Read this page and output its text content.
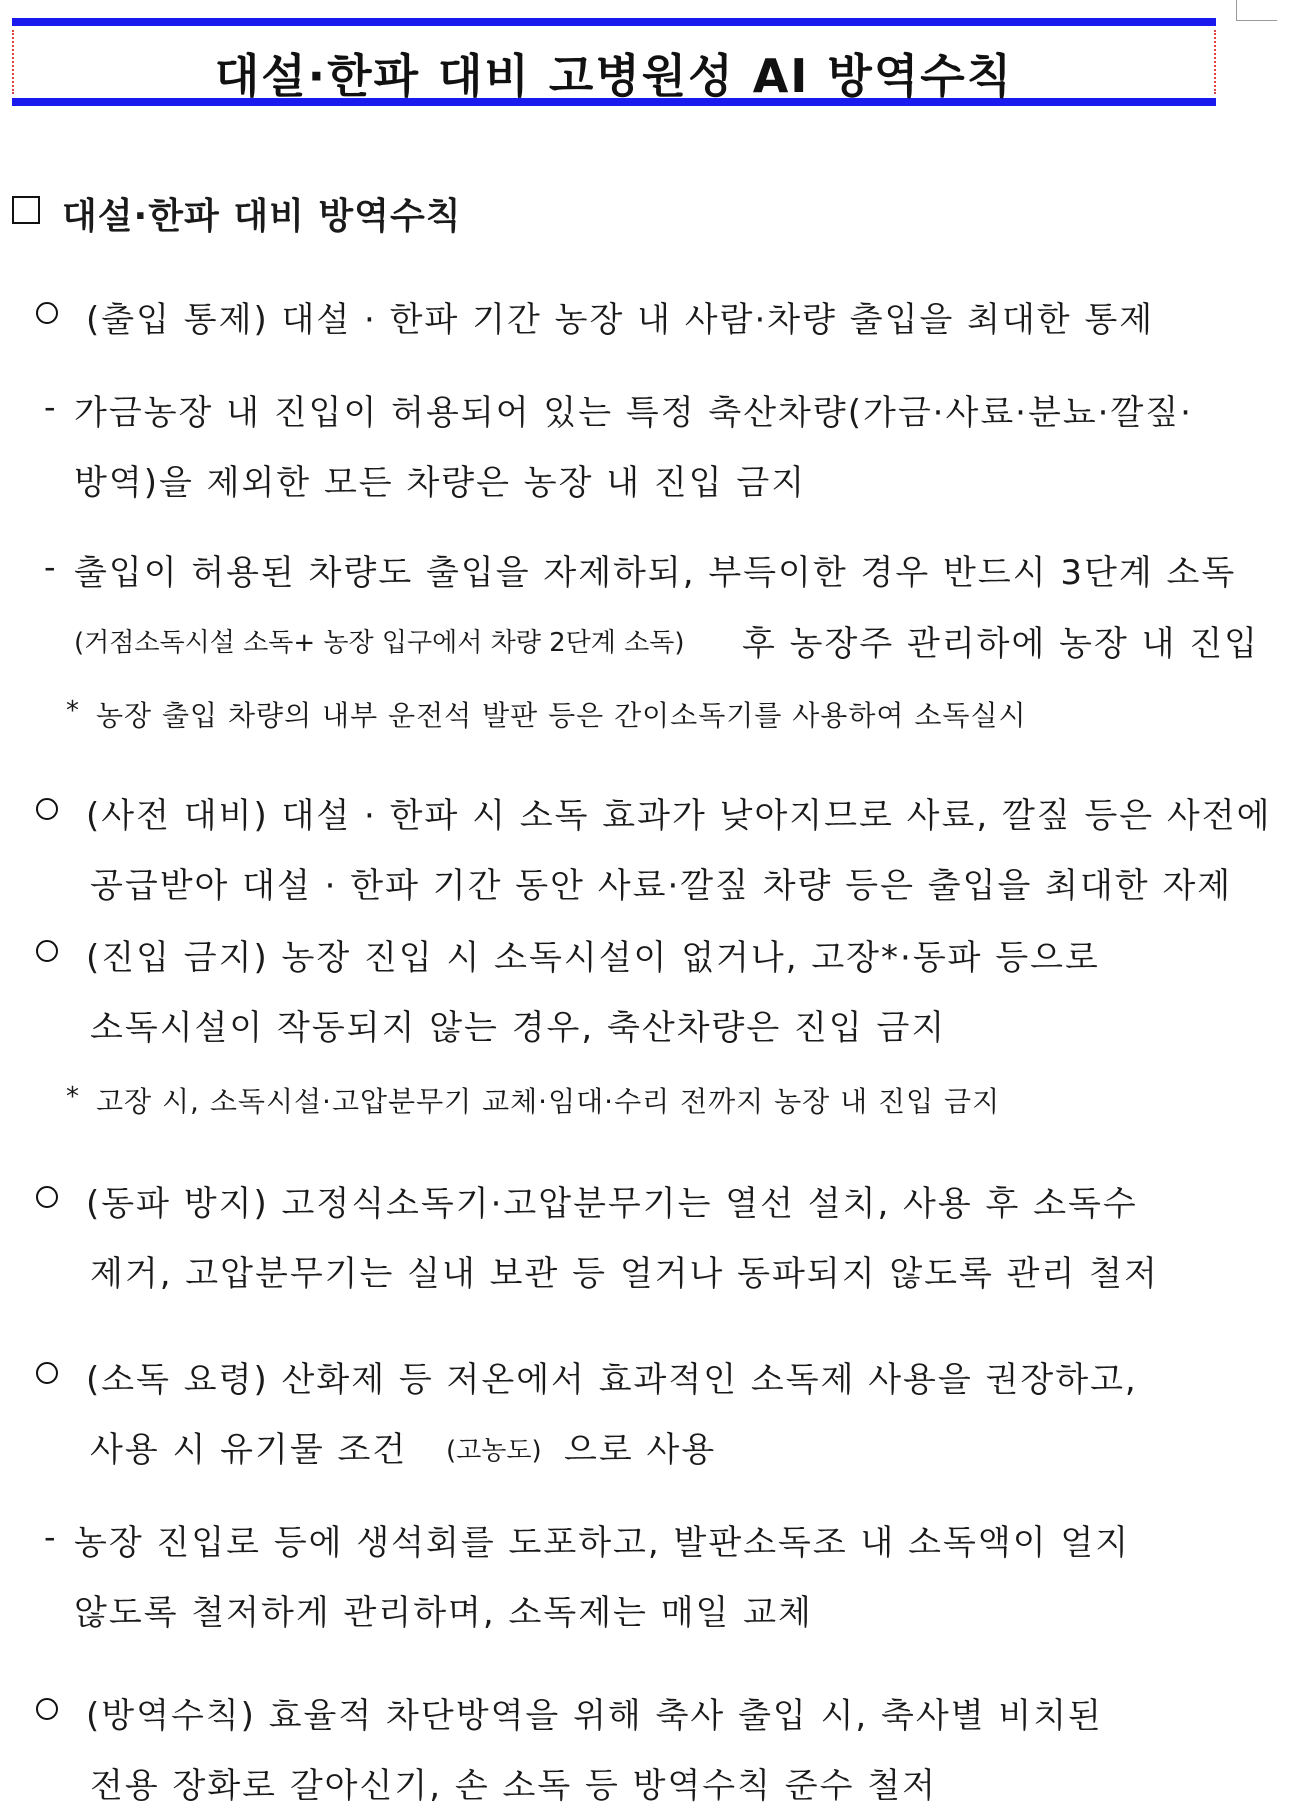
대설·한파 대비 고병원성 AI 방역수칙
대설·한파 대비 방역수칙
(출입 통제) 대설 · 한파 기간 농장 내 사람·차량 출입을 최대한 통제
- 가금농장 내 진입이 허용되어 있는 특정 축산차량(가금·사료·분뇨·깔짚·
방역)을 제외한 모든 차량은 농장 내 진입 금지
- 출입이 허용된 차량도 출입을 자제하되, 부득이한 경우 반드시 3단계 소독
(거점소독시설 소독+ 농장 입구에서 차량 2단계 소독) 후 농장주 관리하에 농장 내 진입
* 농장 출입 차량의 내부 운전석 발판 등은 간이소독기를 사용하여 소독실시
(사전 대비) 대설 · 한파 시 소독 효과가 낮아지므로 사료, 깔짚 등은 사전에
공급받아 대설 · 한파 기간 동안 사료·깔짚 차량 등은 출입을 최대한 자제
(진입 금지) 농장 진입 시 소독시설이 없거나, 고장*·동파 등으로
소독시설이 작동되지 않는 경우, 축산차량은 진입 금지
* 고장 시, 소독시설·고압분무기 교체·임대·수리 전까지 농장 내 진입 금지
(동파 방지) 고정식소독기·고압분무기는 열선 설치, 사용 후 소독수
제거, 고압분무기는 실내 보관 등 얼거나 동파되지 않도록 관리 철저
(소독 요령) 산화제 등 저온에서 효과적인 소독제 사용을 권장하고,
사용 시 유기물 조건 (고농도) 으로 사용
- 농장 진입로 등에 생석회를 도포하고, 발판소독조 내 소독액이 얼지
않도록 철저하게 관리하며, 소독제는 매일 교체
(방역수칙) 효율적 차단방역을 위해 축사 출입 시, 축사별 비치된
전용 장화로 갈아신기, 손 소독 등 방역수칙 준수 철저
